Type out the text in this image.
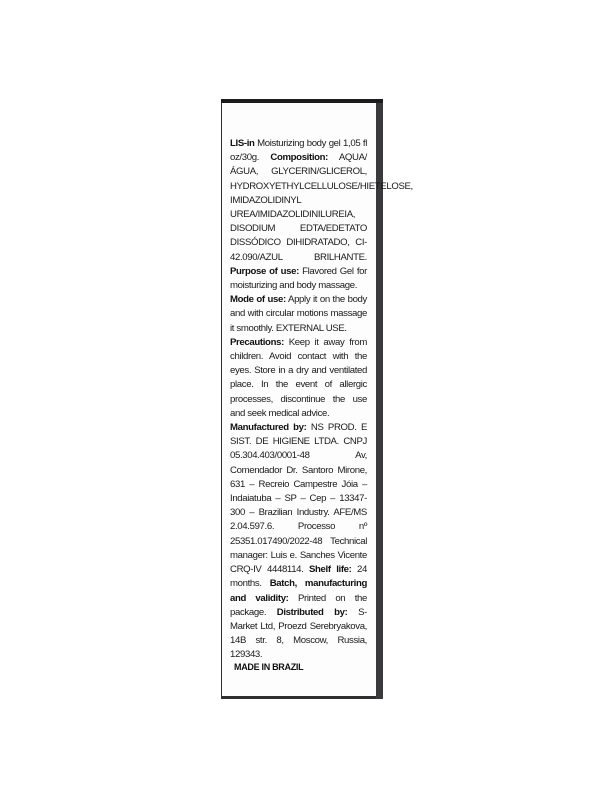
LIS-in Moisturizing body gel 1,05 fl oz/30g. Composition: AQUA/ÁGUA, GLYCERIN/GLICEROL, HYDROXYETHYLCELLULOSE/HIETELOSE, IMIDAZOLIDINYL UREA/IMIDAZOLIDINILUREIA, DISODIUM EDTA/EDETATO DISSÓDICO DIHIDRATADO, CI-42.090/AZUL BRILHANTE. Purpose of use: Flavored Gel for moisturizing and body massage.
Mode of use: Apply it on the body and with circular motions massage it smoothly. EXTERNAL USE.
Precautions: Keep it away from children. Avoid contact with the eyes. Store in a dry and ventilated place. In the event of allergic processes, discontinue the use and seek medical advice.
Manufactured by: NS PROD. E SIST. DE HIGIENE LTDA. CNPJ 05.304.403/0001-48 Av, Comendador Dr. Santoro Mirone, 631 – Recreio Campestre Jóia – Indaiatuba – SP – Cep – 13347-300 – Brazilian Industry. AFE/MS 2.04.597.6. Processo nº 25351.017490/2022-48 Technical manager: Luis e. Sanches Vicente CRQ-IV 4448114. Shelf life: 24 months. Batch, manufacturing and validity: Printed on the package. Distributed by: S-Market Ltd, Proezd Serebryakova, 14B str. 8, Moscow, Russia, 129343.
MADE IN BRAZIL
